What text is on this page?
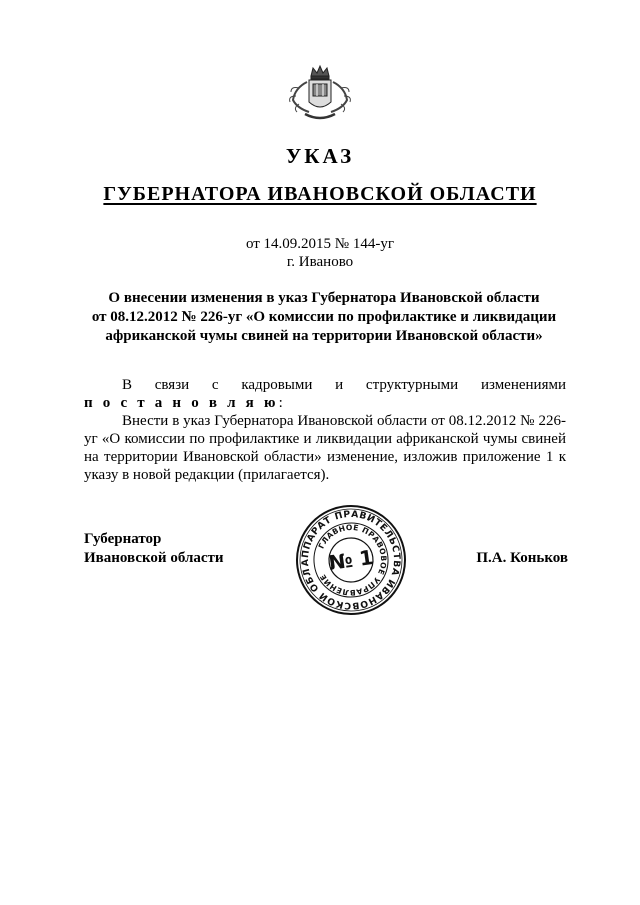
УКАЗ
ГУБЕРНАТОРА ИВАНОВСКОЙ ОБЛАСТИ
от 14.09.2015 № 144-уг
г. Иваново
О внесении изменения в указ Губернатора Ивановской области
от 08.12.2012 № 226-уг «О комиссии по профилактике и ликвидации
африканской чумы свиней на территории Ивановской области»
В связи с кадровыми и структурными изменениями
п о с т а н о в л я ю:
Внести в указ Губернатора Ивановской области от 08.12.2012 № 226-уг «О комиссии по профилактике и ликвидации африканской чумы свиней на территории Ивановской области» изменение, изложив приложение 1 к указу в новой редакции (прилагается).
Губернатор
Ивановской области	АППАРАТ ПРАВИТЕЛЬСТВА ИВАНОВСКОЙ ОБЛАСТИ
ГЛАВНОЕ ПРАВОВОЕ УПРАВЛЕНИЕ
№ 1	П.А. Коньков
